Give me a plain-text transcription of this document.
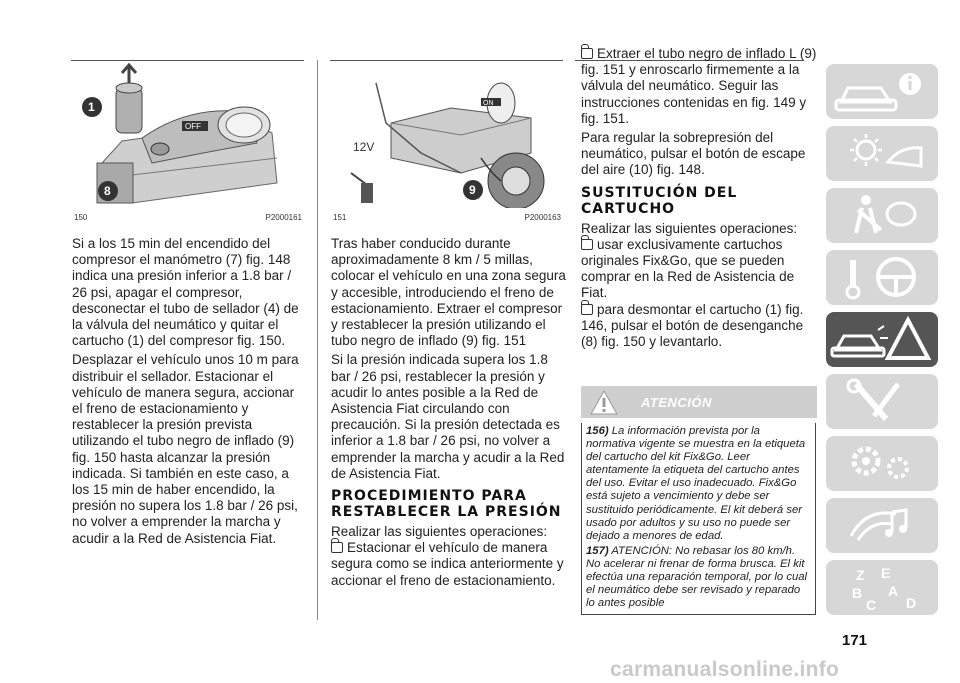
OFF
1
8
150	P2000161
ON
12V
9
151	P2000163

Si a los 15 min del encendido del compresor el manómetro (7) fig. 148 indica una presión inferior a 1.8 bar / 26 psi, apagar el compresor, desconectar el tubo de sellador (4) de la válvula del neumático y quitar el cartucho (1) del compresor fig. 150.

Desplazar el vehículo unos 10 m para distribuir el sellador. Estacionar el vehículo de manera segura, accionar el freno de estacionamiento y restablecer la presión prevista utilizando el tubo negro de inflado (9) fig. 150 hasta alcanzar la presión indicada. Si también en este caso, a los 15 min de haber encendido, la presión no supera los 1.8 bar / 26 psi, no volver a emprender la marcha y acudir a la Red de Asistencia Fiat.

Tras haber conducido durante aproximadamente 8 km / 5 millas, colocar el vehículo en una zona segura y accesible, introduciendo el freno de estacionamiento. Extraer el compresor y restablecer la presión utilizando el tubo negro de inflado (9) fig. 151

Si la presión indicada supera los 1.8 bar / 26 psi, restablecer la presión y acudir lo antes posible a la Red de Asistencia Fiat circulando con precaución. Si la presión detectada es inferior a 1.8 bar / 26 psi, no volver a emprender la marcha y acudir a la Red de Asistencia Fiat.

PROCEDIMIENTO PARA RESTABLECER LA PRESIÓN

Realizar las siguientes operaciones:

Estacionar el vehículo de manera segura como se indica anteriormente y accionar el freno de estacionamiento.

Extraer el tubo negro de inflado L (9) fig. 151 y enroscarlo firmemente a la válvula del neumático. Seguir las instrucciones contenidas en fig. 149 y fig. 151.

Para regular la sobrepresión del neumático, pulsar el botón de escape del aire (10) fig. 148.

SUSTITUCIÓN DEL CARTUCHO

Realizar las siguientes operaciones:

usar exclusivamente cartuchos originales Fix&Go, que se pueden comprar en la Red de Asistencia de Fiat.

para desmontar el cartucho (1) fig. 146, pulsar el botón de desenganche (8) fig. 150 y levantarlo.

ATENCIÓN

156) La información prevista por la normativa vigente se muestra en la etiqueta del cartucho del kit Fix&Go. Leer atentamente la etiqueta del cartucho antes del uso. Evitar el uso inadecuado. Fix&Go está sujeto a vencimiento y debe ser sustituido periódicamente. El kit deberá ser usado por adultos y su uso no puede ser dejado a menores de edad.

157) ATENCIÓN: No rebasar los 80 km/h. No acelerar ni frenar de forma brusca. El kit efectúa una reparación temporal, por lo cual el neumático debe ser revisado y reparado lo antes posible

171
Z E
B A
C D
carmanualsonline.info
